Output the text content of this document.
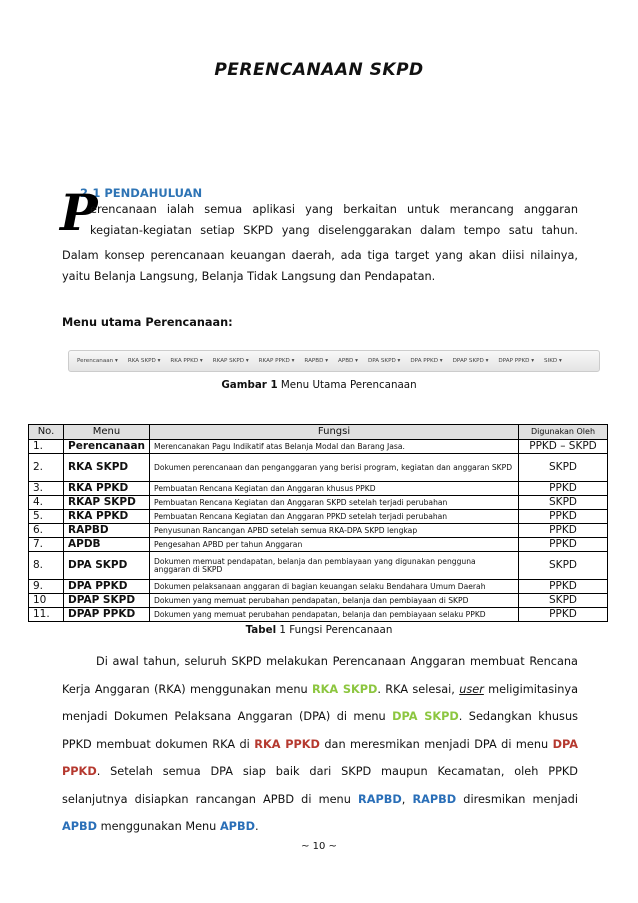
PERENCANAAN SKPD
2.1 PENDAHULUAN
P
erencanaan ialah semua aplikasi yang berkaitan untuk merancang anggaran
kegiatan-kegiatan setiap SKPD yang diselenggarakan dalam tempo satu tahun.
Dalam konsep perencanaan keuangan daerah, ada tiga target yang akan diisi nilainya, yaitu Belanja Langsung, Belanja Tidak Langsung dan Pendapatan.
Menu utama Perencanaan:
Perencanaan ▾ RKA SKPD ▾ RKA PPKD ▾ RKAP SKPD ▾ RKAP PPKD ▾ RAPBD ▾ APBD ▾ DPA SKPD ▾ DPA PPKD ▾ DPAP SKPD ▾ DPAP PPKD ▾ SIKD ▾
Gambar 1 Menu Utama Perencanaan
No.	Menu	Fungsi	Digunakan Oleh
1.	Perencanaan	Merencanakan Pagu Indikatif atas Belanja Modal dan Barang Jasa.	PPKD – SKPD
2.	RKA SKPD	Dokumen perencanaan dan penganggaran yang berisi program, kegiatan dan anggaran SKPD	SKPD
3.	RKA PPKD	Pembuatan Rencana Kegiatan dan Anggaran khusus PPKD	PPKD
4.	RKAP SKPD	Pembuatan Rencana Kegiatan dan Anggaran SKPD setelah terjadi perubahan	SKPD
5.	RKA PPKD	Pembuatan Rencana Kegiatan dan Anggaran PPKD setelah terjadi perubahan	PPKD
6.	RAPBD	Penyusunan Rancangan APBD setelah semua RKA-DPA SKPD lengkap	PPKD
7.	APDB	Pengesahan APBD per tahun Anggaran	PPKD
8.	DPA SKPD	Dokumen memuat pendapatan, belanja dan pembiayaan yang digunakan pengguna anggaran di SKPD	SKPD
9.	DPA PPKD	Dokumen pelaksanaan anggaran di bagian keuangan selaku Bendahara Umum Daerah	PPKD
10	DPAP SKPD	Dokumen yang memuat perubahan pendapatan, belanja dan pembiayaan di SKPD	SKPD
11.	DPAP PPKD	Dokumen yang memuat perubahan pendapatan, belanja dan pembiayaan selaku PPKD	PPKD
Tabel 1 Fungsi Perencanaan
Di awal tahun, seluruh SKPD melakukan Perencanaan Anggaran membuat Rencana Kerja Anggaran (RKA) menggunakan menu RKA SKPD. RKA selesai, user meligimitasinya menjadi Dokumen Pelaksana Anggaran (DPA) di menu DPA SKPD. Sedangkan khusus PPKD membuat dokumen RKA di RKA PPKD dan meresmikan menjadi DPA di menu DPA PPKD. Setelah semua DPA siap baik dari SKPD maupun Kecamatan, oleh PPKD selanjutnya disiapkan rancangan APBD di menu RAPBD, RAPBD diresmikan menjadi APBD menggunakan Menu APBD.
~ 10 ~
